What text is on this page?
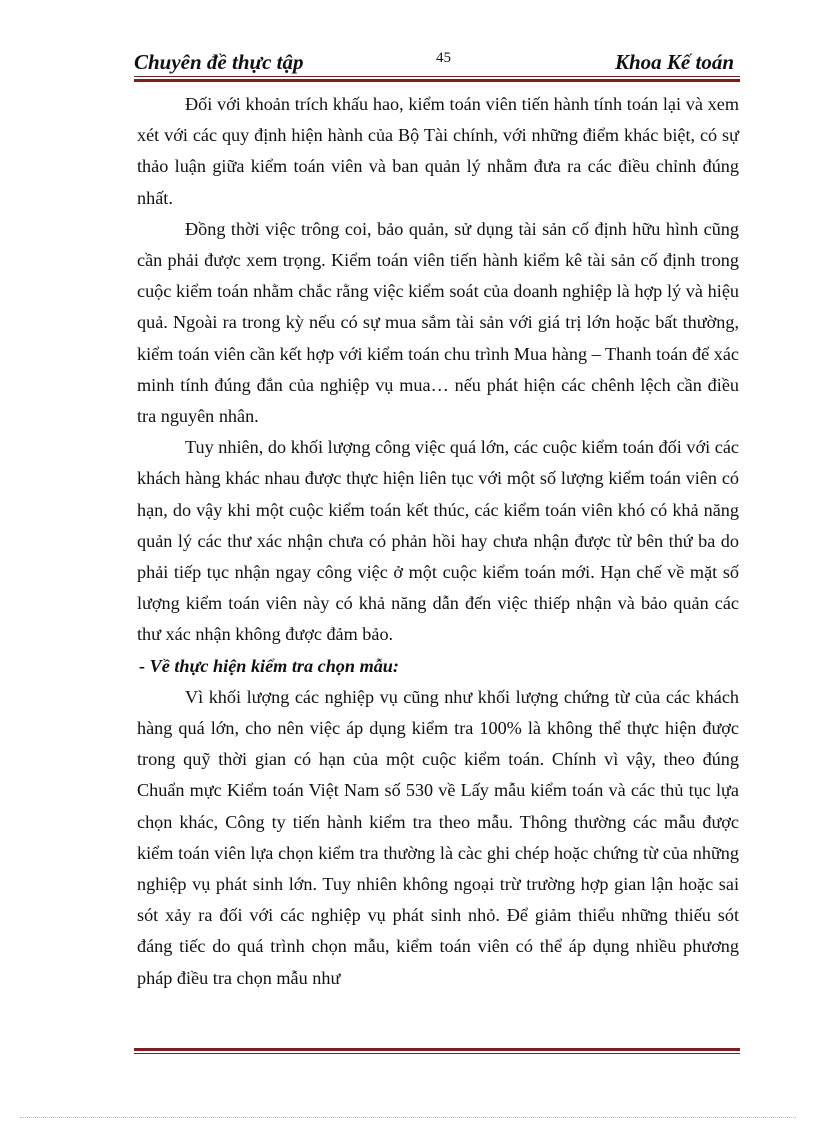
Chuyên đề thực tập	45	Khoa Kế toán

Đối với khoản trích khấu hao, kiểm toán viên tiến hành tính toán lại và xem xét với các quy định hiện hành của Bộ Tài chính, với những điểm khác biệt, có sự thảo luận giữa kiểm toán viên và ban quản lý nhằm đưa ra các điều chỉnh đúng nhất.

Đồng thời việc trông coi, bảo quản, sử dụng tài sản cố định hữu hình cũng cần phải được xem trọng. Kiểm toán viên tiến hành kiểm kê tài sản cố định trong cuộc kiểm toán nhằm chắc rằng việc kiểm soát của doanh nghiệp là hợp lý và hiệu quả. Ngoài ra trong kỳ nếu có sự mua sắm tài sản với giá trị lớn hoặc bất thường, kiểm toán viên cần kết hợp với kiểm toán chu trình Mua hàng – Thanh toán để xác minh tính đúng đắn của nghiệp vụ mua… nếu phát hiện các chênh lệch cần điều tra nguyên nhân.

Tuy nhiên, do khối lượng công việc quá lớn, các cuộc kiểm toán đối với các khách hàng khác nhau được thực hiện liên tục với một số lượng kiểm toán viên có hạn, do vậy khi một cuộc kiểm toán kết thúc, các kiểm toán viên khó có khả năng quản lý các thư xác nhận chưa có phản hồi hay chưa nhận được từ bên thứ ba do phải tiếp tục nhận ngay công việc ở một cuộc kiểm toán mới. Hạn chế về mặt số lượng kiểm toán viên này có khả năng dẫn đến việc thiếp nhận và bảo quản các thư xác nhận không được đảm bảo.

- Về thực hiện kiểm tra chọn mẫu:

Vì khối lượng các nghiệp vụ cũng như khối lượng chứng từ của các khách hàng quá lớn, cho nên việc áp dụng kiểm tra 100% là không thể thực hiện được trong quỹ thời gian có hạn của một cuộc kiểm toán. Chính vì vậy, theo đúng Chuẩn mực Kiểm toán Việt Nam số 530 về Lấy mẫu kiểm toán và các thủ tục lựa chọn khác, Công ty tiến hành kiểm tra theo mẫu. Thông thường các mẫu được kiểm toán viên lựa chọn kiểm tra thường là càc ghi chép hoặc chứng từ của những nghiệp vụ phát sinh lớn. Tuy nhiên không ngoại trừ trường hợp gian lận hoặc sai sót xảy ra đối với các nghiệp vụ phát sinh nhỏ. Để giảm thiểu những thiếu sót đáng tiếc do quá trình chọn mẫu, kiểm toán viên có thể áp dụng nhiều phương pháp điều tra chọn mẫu như
